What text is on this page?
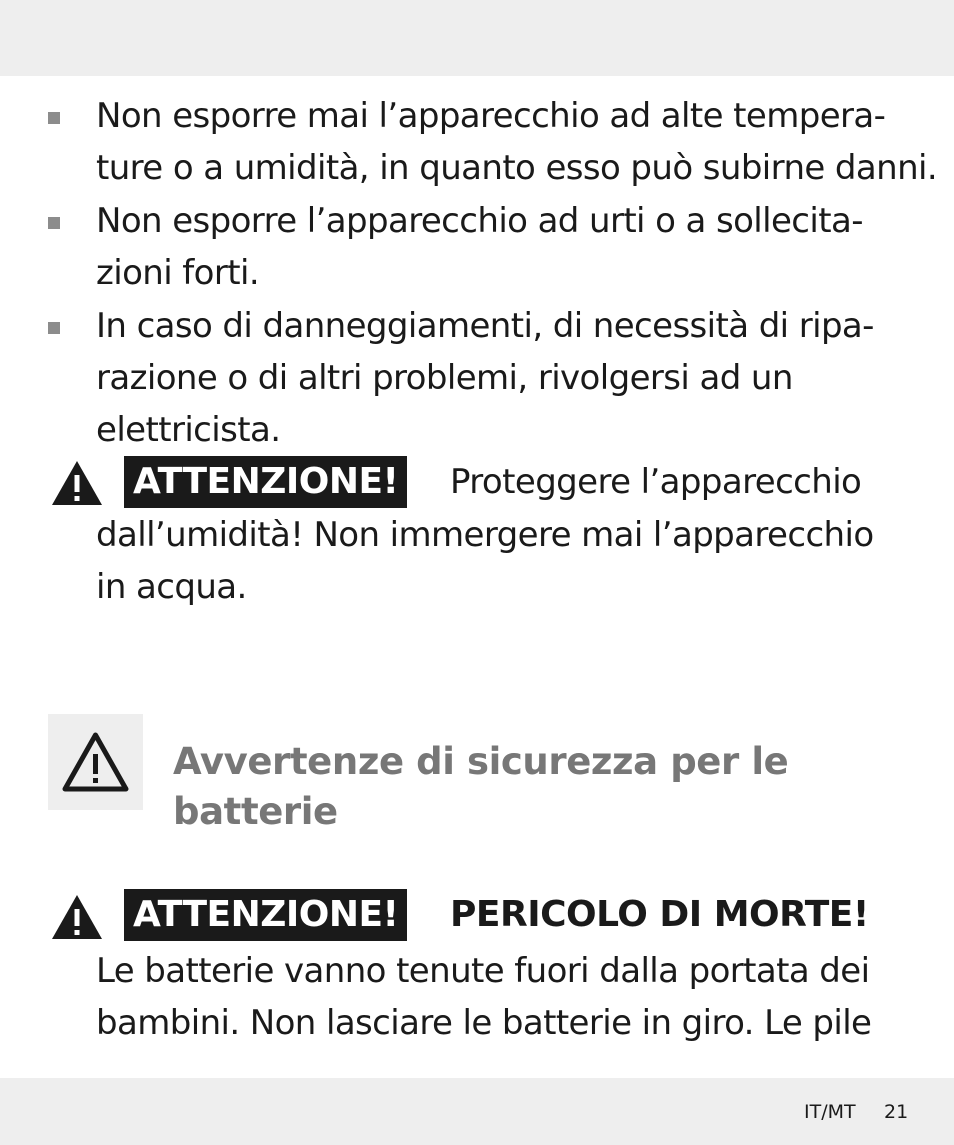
Non esporre mai l’apparecchio ad alte tempera-
ture o a umidità, in quanto esso può subirne danni.
Non esporre l’apparecchio ad urti o a sollecita-
zioni forti.
In caso di danneggiamenti, di necessità di ripa-
razione o di altri problemi, rivolgersi ad un
elettricista.
ATTENZIONE! Proteggere l’apparecchio
dall’umidità! Non immergere mai l’apparecchio
in acqua.
Avvertenze di sicurezza per le
batterie
ATTENZIONE! PERICOLO DI MORTE!
Le batterie vanno tenute fuori dalla portata dei
bambini. Non lasciare le batterie in giro. Le pile
IT/MT 21
